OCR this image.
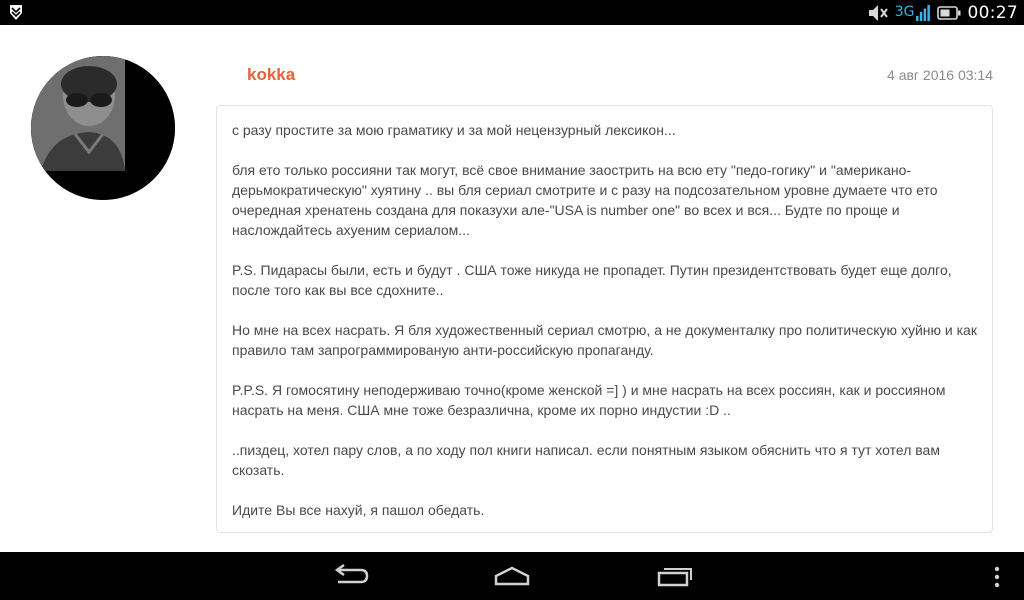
3G	00:27
kokka	4 авг 2016 03:14

с разу простите за мою граматику и за мой нецензурный лексикон...

бля ето только россияни так могут, всё свое внимание заострить на всю ету "педо-гогику" и "американо-дерьмократическую" хуятину .. вы бля сериал смотрите и с разу на подсозательном уровне думаете что ето очередная хренатень создана для показухи але-"USA is number one" во всех и вся... Будте по проще и наслождайтесь ахуеним сериалом...

P.S. Пидарасы были, есть и будут . США тоже никуда не пропадет. Путин президентствовать будет еще долго, после того как вы все сдохните..

Но мне на всех насрать. Я бля художественный сериал смотрю, а не документалку про политическую хуйню и как правило там запрограммированую анти-российскую пропаганду.

P.P.S. Я гомосятину неподерживаю точно(кроме женской =] ) и мне насрать на всех россиян, как и россияном насрать на меня. США мне тоже безразлична, кроме их порно индустии :D ..

..пиздец, хотел пару слов, а по ходу пол книги написал. если понятным языком обяснить что я тут хотел вам скозать.

Идите Вы все нахуй, я пашол обедать.
